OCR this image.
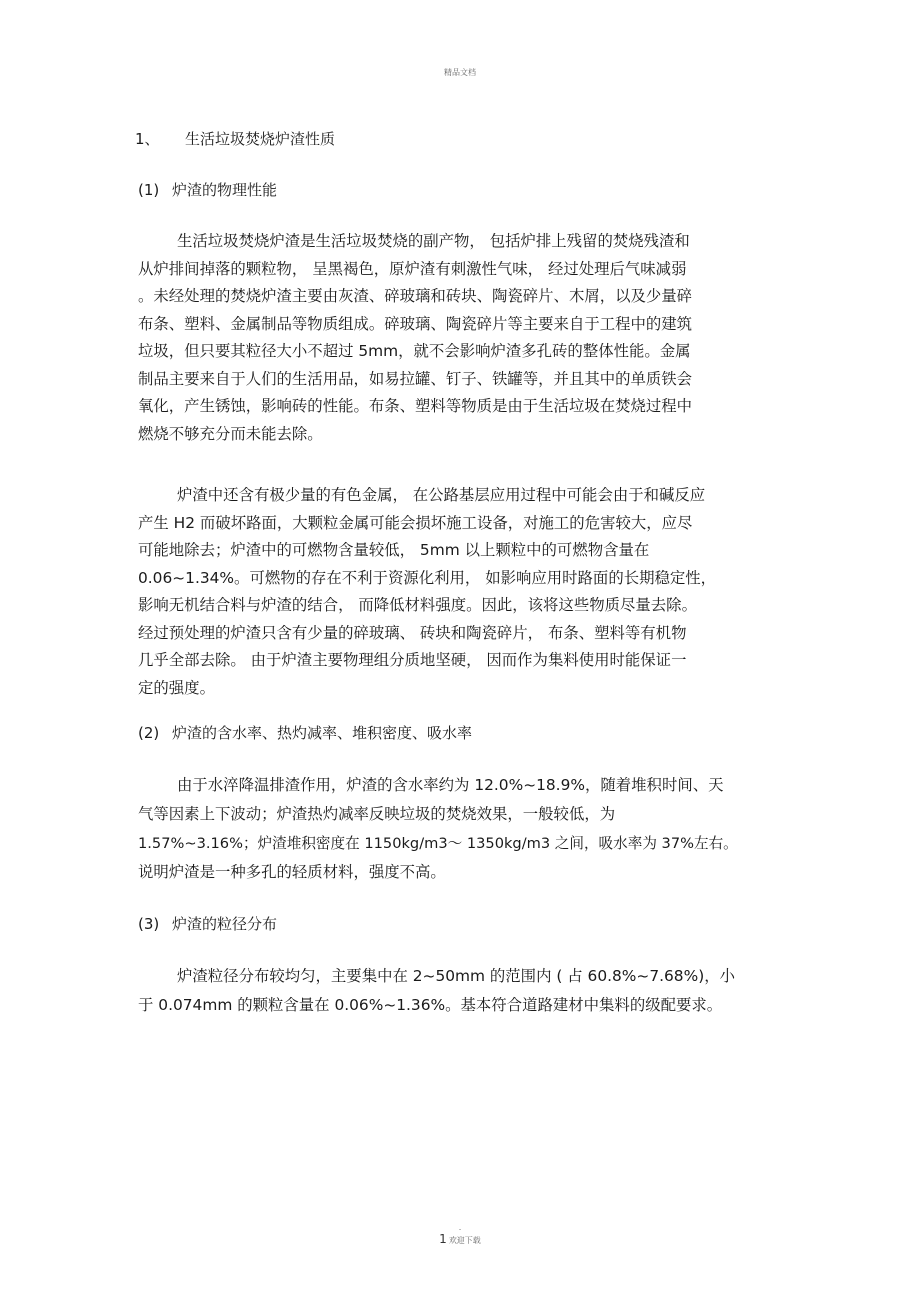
精品文档
1、	生活垃圾焚烧炉渣性质
(1) 炉渣的物理性能

生活垃圾焚烧炉渣是生活垃圾焚烧的副产物， 包括炉排上残留的焚烧残渣和
从炉排间掉落的颗粒物， 呈黑褐色，原炉渣有刺激性气味， 经过处理后气味减弱
。未经处理的焚烧炉渣主要由灰渣、碎玻璃和砖块、陶瓷碎片、木屑，以及少量碎
布条、塑料、金属制品等物质组成。碎玻璃、陶瓷碎片等主要来自于工程中的建筑
垃圾，但只要其粒径大小不超过 5mm，就不会影响炉渣多孔砖的整体性能。金属
制品主要来自于人们的生活用品，如易拉罐、钉子、铁罐等，并且其中的单质铁会
氧化，产生锈蚀，影响砖的性能。布条、塑料等物质是由于生活垃圾在焚烧过程中
燃烧不够充分而未能去除。

炉渣中还含有极少量的有色金属， 在公路基层应用过程中可能会由于和碱反应
产生 H2 而破坏路面，大颗粒金属可能会损坏施工设备，对施工的危害较大，应尽
可能地除去；炉渣中的可燃物含量较低， 5mm 以上颗粒中的可燃物含量在
0.06~1.34%。可燃物的存在不利于资源化利用， 如影响应用时路面的长期稳定性，
影响无机结合料与炉渣的结合， 而降低材料强度。因此，该将这些物质尽量去除。
经过预处理的炉渣只含有少量的碎玻璃、 砖块和陶瓷碎片， 布条、塑料等有机物
几乎全部去除。 由于炉渣主要物理组分质地坚硬， 因而作为集料使用时能保证一
定的强度。

(2) 炉渣的含水率、热灼减率、堆积密度、吸水率

由于水淬降温排渣作用，炉渣的含水率约为 12.0%~18.9%，随着堆积时间、天
气等因素上下波动；炉渣热灼减率反映垃圾的焚烧效果，一般较低，为
1.57%~3.16%；炉渣堆积密度在 1150kg/m3～ 1350kg/m3 之间，吸水率为 37%左右。
说明炉渣是一种多孔的轻质材料，强度不高。

(3) 炉渣的粒径分布

炉渣粒径分布较均匀，主要集中在 2~50mm 的范围内 ( 占 60.8%~7.68%)，小
于 0.074mm 的颗粒含量在 0.06%~1.36%。基本符合道路建材中集料的级配要求。

.
1 欢迎下载
